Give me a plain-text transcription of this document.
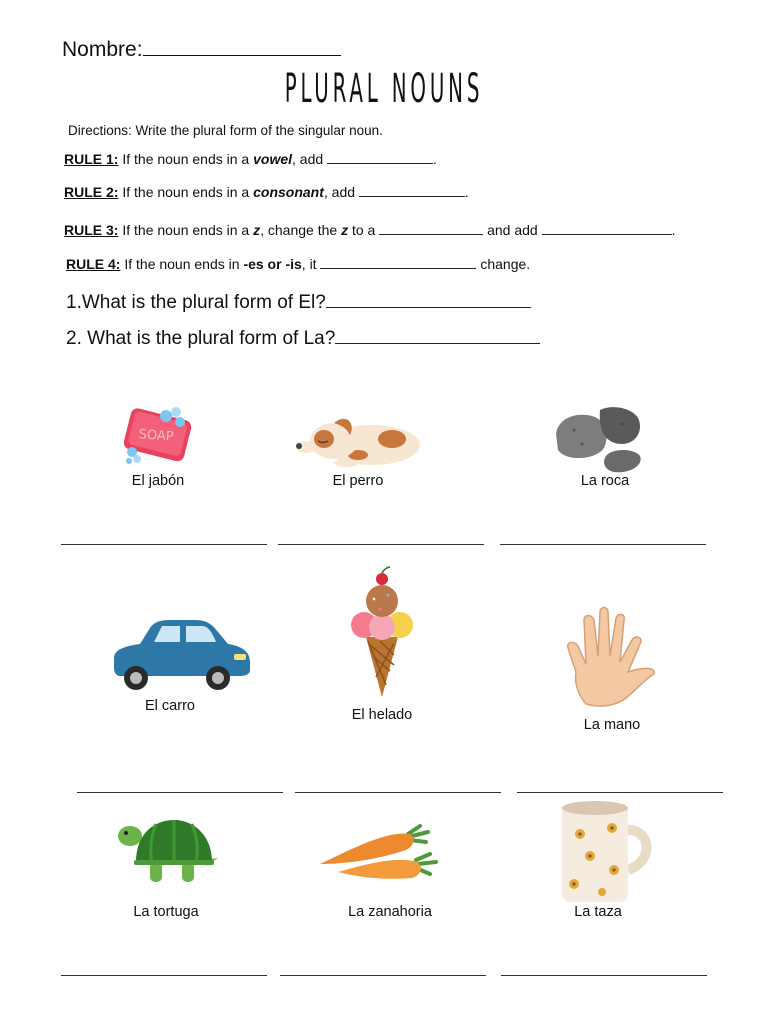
Nombre:
PLURAL NOUNS
Directions: Write the plural form of the singular noun.
RULE 1: If the noun ends in a vowel, add	.
RULE 2: If the noun ends in a consonant, add	.
RULE 3: If the noun ends in a z, change the z to a	and add	.
RULE 4: If the noun ends in -es or -is, it	change.
1.What is the plural form of El?
2. What is the plural form of La?
SOAP
El jabón	El perro	La roca
El carro
El helado
La mano
La tortuga	La zanahoria	La taza
